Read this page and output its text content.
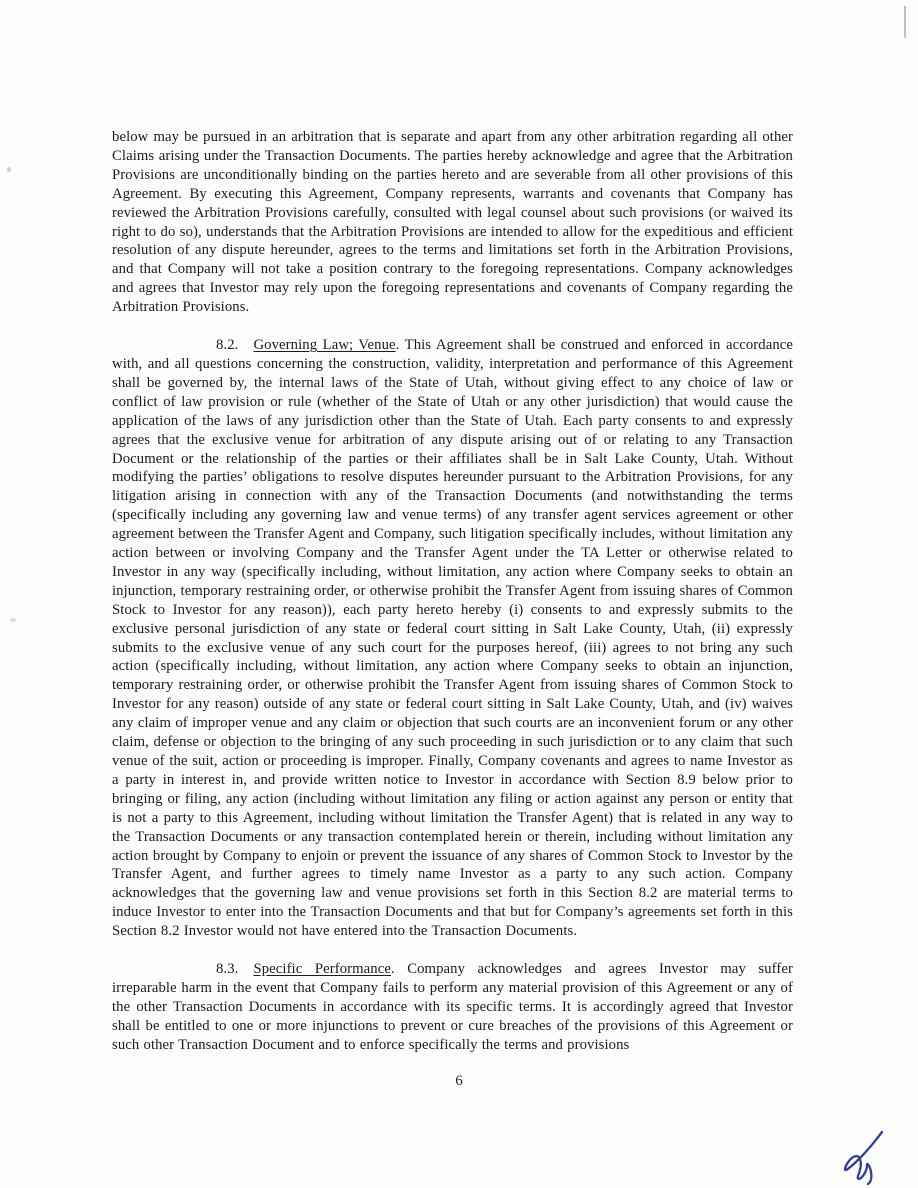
below may be pursued in an arbitration that is separate and apart from any other arbitration regarding all other Claims arising under the Transaction Documents. The parties hereby acknowledge and agree that the Arbitration Provisions are unconditionally binding on the parties hereto and are severable from all other provisions of this Agreement. By executing this Agreement, Company represents, warrants and covenants that Company has reviewed the Arbitration Provisions carefully, consulted with legal counsel about such provisions (or waived its right to do so), understands that the Arbitration Provisions are intended to allow for the expeditious and efficient resolution of any dispute hereunder, agrees to the terms and limitations set forth in the Arbitration Provisions, and that Company will not take a position contrary to the foregoing representations. Company acknowledges and agrees that Investor may rely upon the foregoing representations and covenants of Company regarding the Arbitration Provisions.

8.2. Governing Law; Venue. This Agreement shall be construed and enforced in accordance with, and all questions concerning the construction, validity, interpretation and performance of this Agreement shall be governed by, the internal laws of the State of Utah, without giving effect to any choice of law or conflict of law provision or rule (whether of the State of Utah or any other jurisdiction) that would cause the application of the laws of any jurisdiction other than the State of Utah. Each party consents to and expressly agrees that the exclusive venue for arbitration of any dispute arising out of or relating to any Transaction Document or the relationship of the parties or their affiliates shall be in Salt Lake County, Utah. Without modifying the parties’ obligations to resolve disputes hereunder pursuant to the Arbitration Provisions, for any litigation arising in connection with any of the Transaction Documents (and notwithstanding the terms (specifically including any governing law and venue terms) of any transfer agent services agreement or other agreement between the Transfer Agent and Company, such litigation specifically includes, without limitation any action between or involving Company and the Transfer Agent under the TA Letter or otherwise related to Investor in any way (specifically including, without limitation, any action where Company seeks to obtain an injunction, temporary restraining order, or otherwise prohibit the Transfer Agent from issuing shares of Common Stock to Investor for any reason)), each party hereto hereby (i) consents to and expressly submits to the exclusive personal jurisdiction of any state or federal court sitting in Salt Lake County, Utah, (ii) expressly submits to the exclusive venue of any such court for the purposes hereof, (iii) agrees to not bring any such action (specifically including, without limitation, any action where Company seeks to obtain an injunction, temporary restraining order, or otherwise prohibit the Transfer Agent from issuing shares of Common Stock to Investor for any reason) outside of any state or federal court sitting in Salt Lake County, Utah, and (iv) waives any claim of improper venue and any claim or objection that such courts are an inconvenient forum or any other claim, defense or objection to the bringing of any such proceeding in such jurisdiction or to any claim that such venue of the suit, action or proceeding is improper. Finally, Company covenants and agrees to name Investor as a party in interest in, and provide written notice to Investor in accordance with Section 8.9 below prior to bringing or filing, any action (including without limitation any filing or action against any person or entity that is not a party to this Agreement, including without limitation the Transfer Agent) that is related in any way to the Transaction Documents or any transaction contemplated herein or therein, including without limitation any action brought by Company to enjoin or prevent the issuance of any shares of Common Stock to Investor by the Transfer Agent, and further agrees to timely name Investor as a party to any such action. Company acknowledges that the governing law and venue provisions set forth in this Section 8.2 are material terms to induce Investor to enter into the Transaction Documents and that but for Company’s agreements set forth in this Section 8.2 Investor would not have entered into the Transaction Documents.

8.3. Specific Performance. Company acknowledges and agrees Investor may suffer irreparable harm in the event that Company fails to perform any material provision of this Agreement or any of the other Transaction Documents in accordance with its specific terms. It is accordingly agreed that Investor shall be entitled to one or more injunctions to prevent or cure breaches of the provisions of this Agreement or such other Transaction Document and to enforce specifically the terms and provisions

6
